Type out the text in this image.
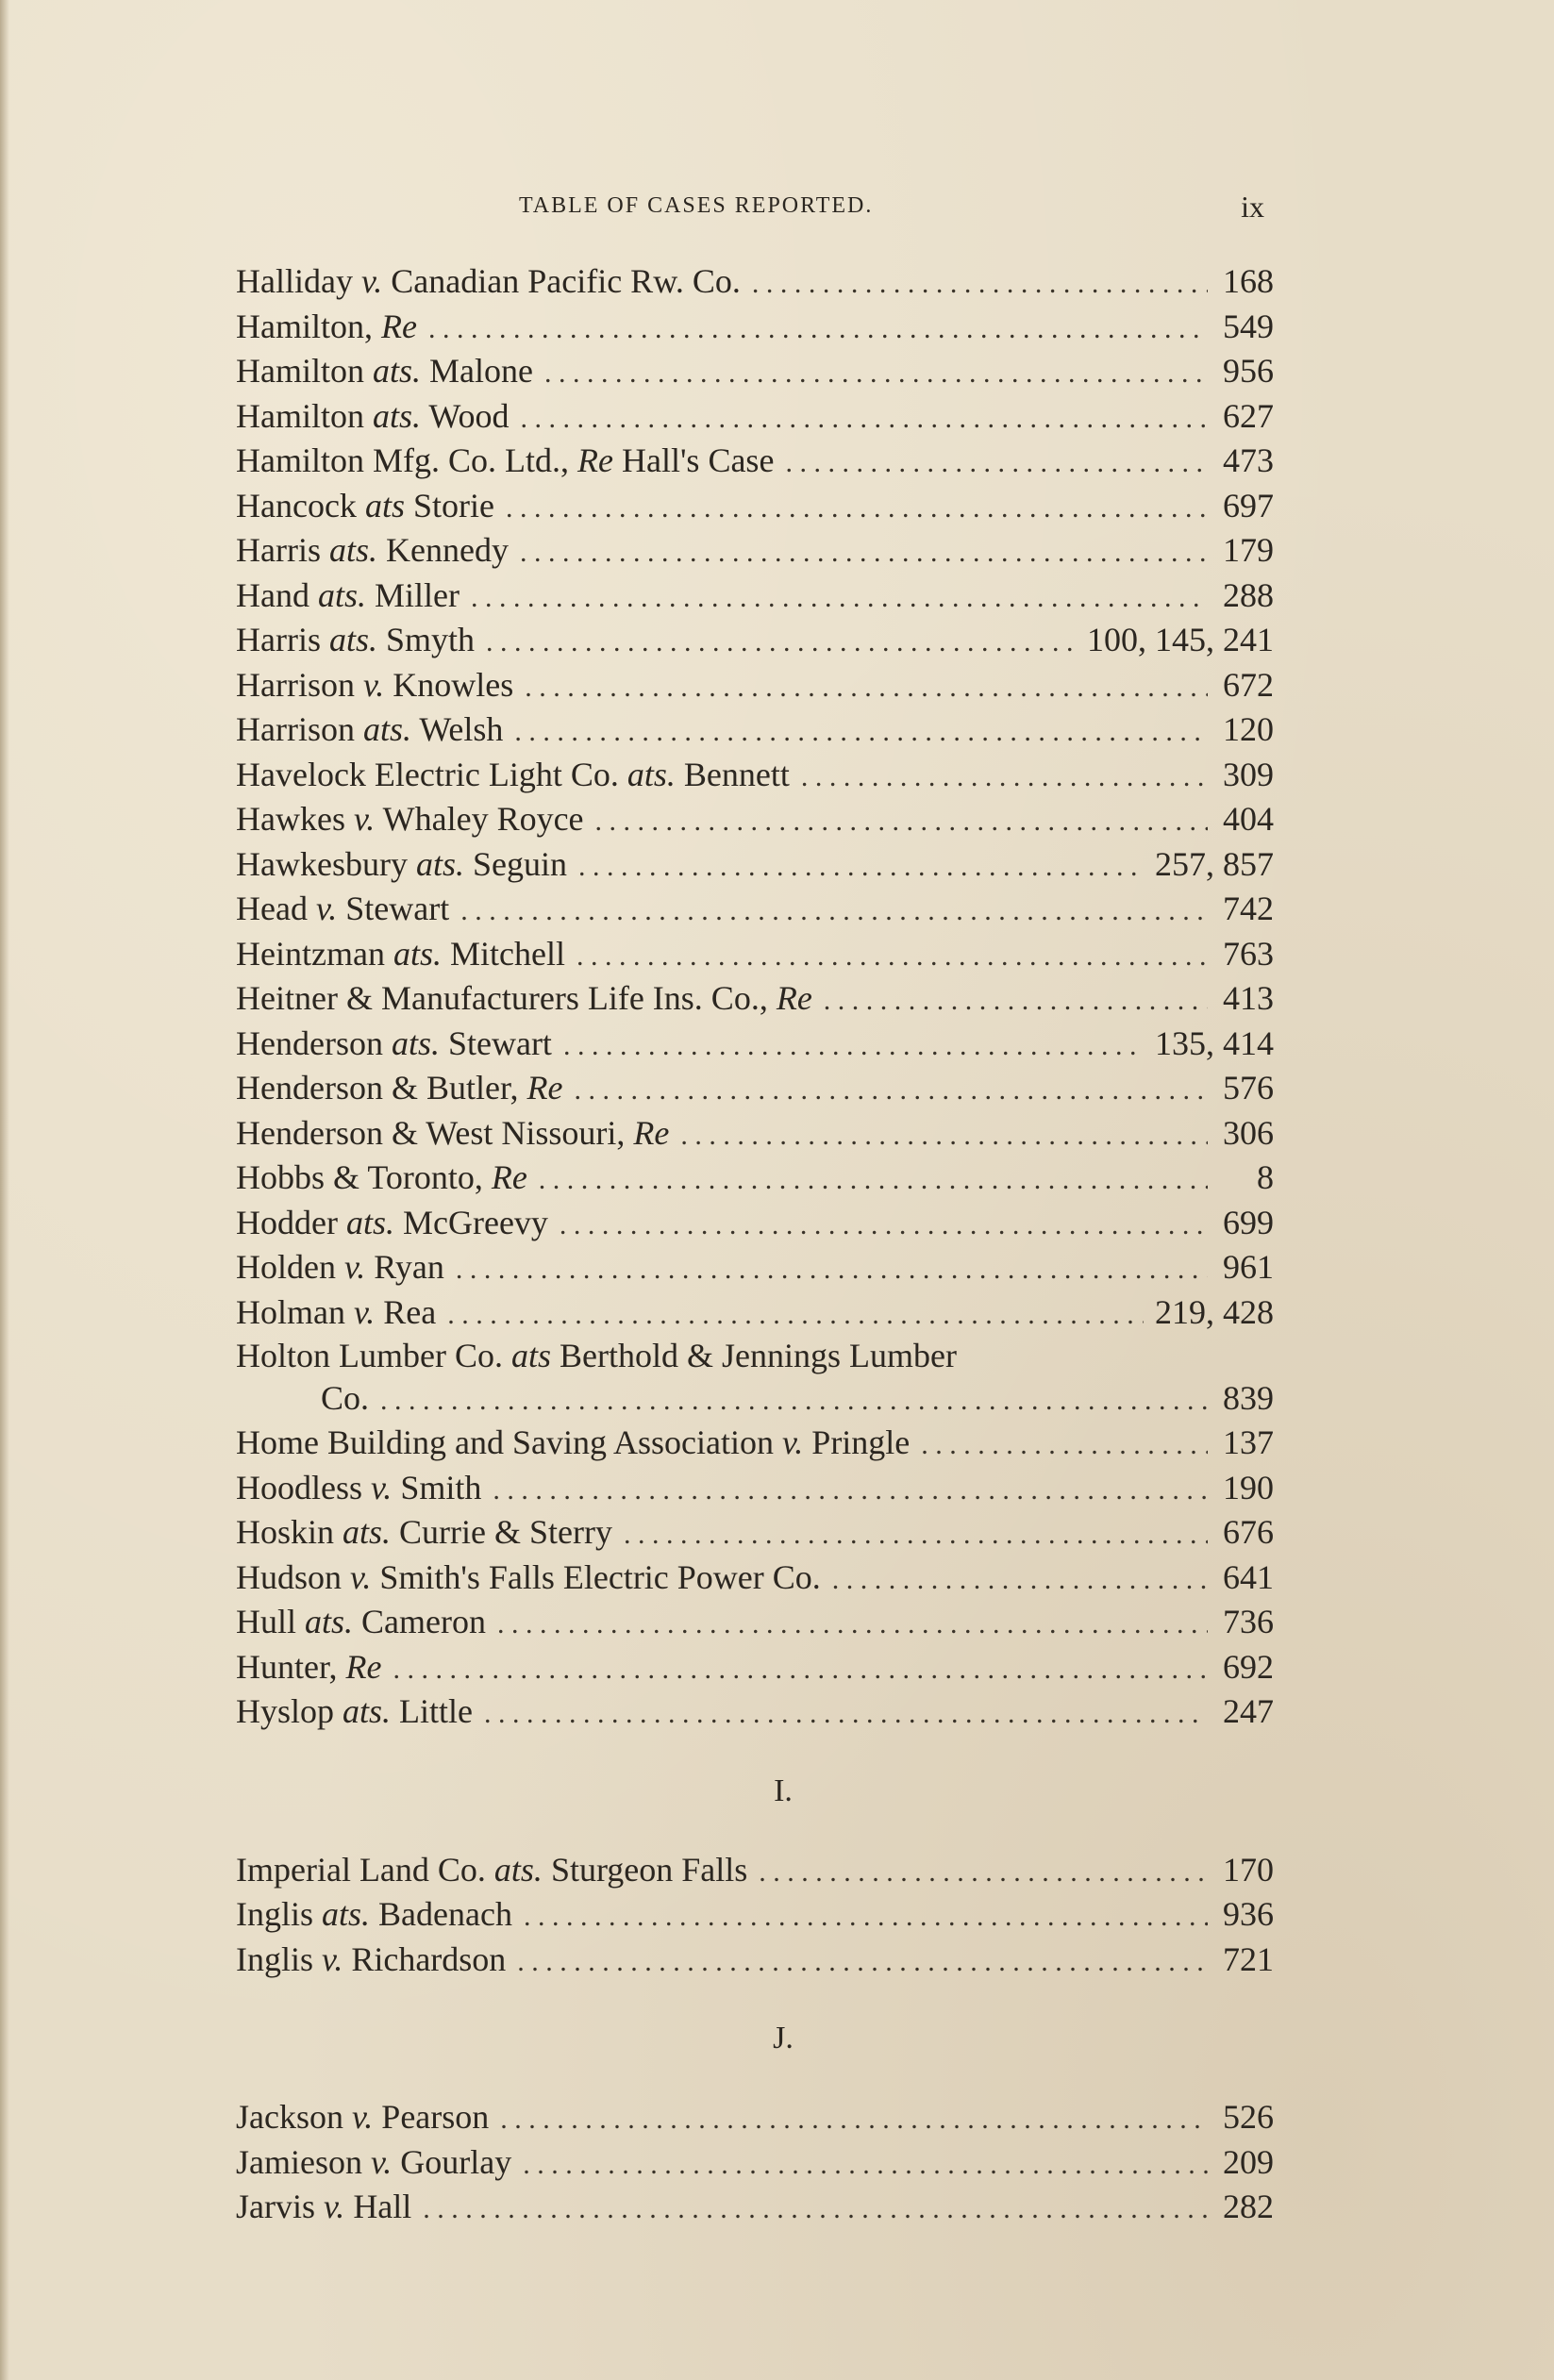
TABLE OF CASES REPORTED.	ix
Halliday v. Canadian Pacific Rw. Co. . . .	168
Hamilton, Re . . .	549
Hamilton ats. Malone . . .	956
Hamilton ats. Wood . . .	627
Hamilton Mfg. Co. Ltd., Re Hall's Case . . .	473
Hancock ats Storie . . .	697
Harris ats. Kennedy . . .	179
Hand ats. Miller . . .	288
Harris ats. Smyth . . .	100, 145, 241
Harrison v. Knowles . . .	672
Harrison ats. Welsh . . .	120
Havelock Electric Light Co. ats. Bennett . . .	309
Hawkes v. Whaley Royce . . .	404
Hawkesbury ats. Seguin . . .	257, 857
Head v. Stewart . . .	742
Heintzman ats. Mitchell . . .	763
Heitner & Manufacturers Life Ins. Co., Re . . .	413
Henderson ats. Stewart . . .	135, 414
Henderson & Butler, Re . . .	576
Henderson & West Nissouri, Re . . .	306
Hobbs & Toronto, Re . . .	8
Hodder ats. McGreevy . . .	699
Holden v. Ryan . . .	961
Holman v. Rea . . .	219, 428
Holton Lumber Co. ats Berthold & Jennings Lumber
Co. . . .	839
Home Building and Saving Association v. Pringle . . .	137
Hoodless v. Smith . . .	190
Hoskin ats. Currie & Sterry . . .	676
Hudson v. Smith's Falls Electric Power Co. . . .	641
Hull ats. Cameron . . .	736
Hunter, Re . . .	692
Hyslop ats. Little . . .	247
I.
Imperial Land Co. ats. Sturgeon Falls . . .	170
Inglis ats. Badenach . . .	936
Inglis v. Richardson . . .	721
J.
Jackson v. Pearson . . .	526
Jamieson v. Gourlay . . .	209
Jarvis v. Hall . . .	282
